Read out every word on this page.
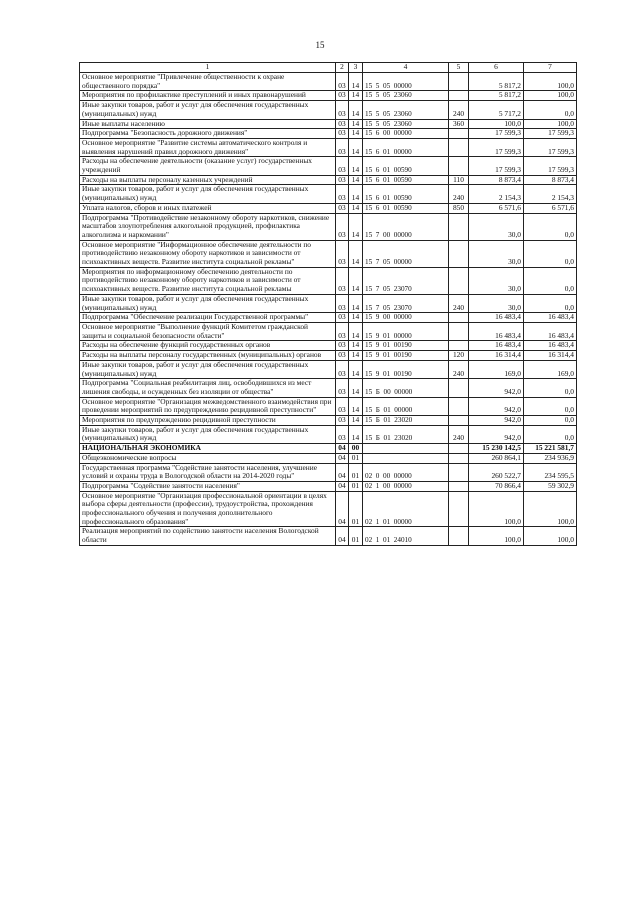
15
1	2	3	4	5	6	7
Основное мероприятие "Привлечение общественности к охране общественного порядка"	03	14	15  5  05  00000		5 817,2	100,0
Мероприятия по профилактике преступлений и иных правонарушений	03	14	15  5  05  23060		5 817,2	100,0
Иные закупки товаров, работ и услуг для обеспечения государственных (муниципальных) нужд	03	14	15  5  05  23060	240	5 717,2	0,0
Иные выплаты населению	03	14	15  5  05  23060	360	100,0	100,0
Подпрограмма "Безопасность дорожного движения"	03	14	15  6  00  00000		17 599,3	17 599,3
Основное мероприятие "Развитие системы автоматического контроля и выявления нарушений правил дорожного движения"	03	14	15  6  01  00000		17 599,3	17 599,3
Расходы на обеспечение деятельности (оказание услуг) государственных учреждений	03	14	15  6  01  00590		17 599,3	17 599,3
Расходы на выплаты персоналу казенных учреждений	03	14	15  6  01  00590	110	8 873,4	8 873,4
Иные закупки товаров, работ и услуг для обеспечения государственных (муниципальных) нужд	03	14	15  6  01  00590	240	2 154,3	2 154,3
Уплата налогов, сборов и иных платежей	03	14	15  6  01  00590	850	6 571,6	6 571,6
Подпрограмма "Противодействие незаконному обороту наркотиков, снижение масштабов злоупотребления алкогольной продукцией, профилактика алкоголизма и наркомании"	03	14	15  7  00  00000		30,0	0,0
Основное мероприятие "Информационное обеспечение деятельности по противодействию незаконному обороту наркотиков и зависимости от психоактивных веществ. Развитие института социальной рекламы"	03	14	15  7  05  00000		30,0	0,0
Мероприятия по информационному обеспечению деятельности по противодействию незаконному обороту наркотиков и зависимости от психоактивных веществ. Развитие института социальной рекламы	03	14	15  7  05  23070		30,0	0,0
Иные закупки товаров, работ и услуг для обеспечения государственных (муниципальных) нужд	03	14	15  7  05  23070	240	30,0	0,0
Подпрограмма "Обеспечение реализации Государственной программы"	03	14	15  9  00  00000		16 483,4	16 483,4
Основное мероприятие "Выполнение функций Комитетом гражданской защиты и социальной безопасности области"	03	14	15  9  01  00000		16 483,4	16 483,4
Расходы на обеспечение функций государственных органов	03	14	15  9  01  00190		16 483,4	16 483,4
Расходы на выплаты персоналу государственных (муниципальных) органов	03	14	15  9  01  00190	120	16 314,4	16 314,4
Иные закупки товаров, работ и услуг для обеспечения государственных (муниципальных) нужд	03	14	15  9  01  00190	240	169,0	169,0
Подпрограмма "Социальная реабилитация лиц, освободившихся из мест лишения свободы, и осужденных без изоляции от общества"	03	14	15  Б  00  00000		942,0	0,0
Основное мероприятие "Организация межведомственного взаимодействия при проведении мероприятий по предупреждению рецидивной преступности"	03	14	15  Б  01  00000		942,0	0,0
Мероприятия по предупреждению рецидивной преступности	03	14	15  Б  01  23020		942,0	0,0
Иные закупки товаров, работ и услуг для обеспечения государственных (муниципальных) нужд	03	14	15  Б  01  23020	240	942,0	0,0
НАЦИОНАЛЬНАЯ ЭКОНОМИКА	04	00			15 230 142,5	15 221 581,7
Общеэкономические вопросы	04	01			260 864,1	234 936,9
Государственная программа "Содействие занятости населения, улучшение условий и охраны труда в Вологодской области на 2014-2020 годы"	04	01	02  0  00  00000		260 522,7	234 595,5
Подпрограмма "Содействие занятости населения"	04	01	02  1  00  00000		70 866,4	59 302,9
Основное мероприятие "Организация профессиональной ориентации в целях выбора сферы деятельности (профессии), трудоустройства, прохождения профессионального обучения и получения дополнительного профессионального образования"	04	01	02  1  01  00000		100,0	100,0
Реализация мероприятий по содействию занятости населения Вологодской области	04	01	02  1  01  24010		100,0	100,0
